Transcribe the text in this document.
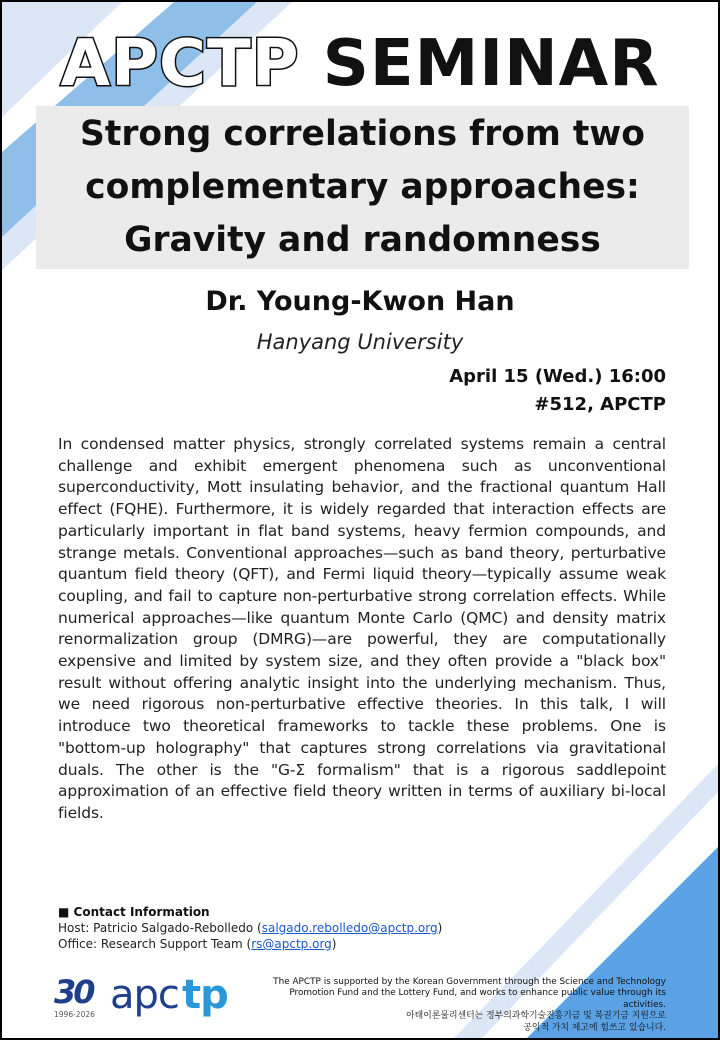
APCTP SEMINAR
Strong correlations from two
complementary approaches:
Gravity and randomness
Dr. Young-Kwon Han
Hanyang University
April 15 (Wed.) 16:00
#512, APCTP
In condensed matter physics, strongly correlated systems remain a central challenge and exhibit emergent phenomena such as unconventional superconductivity, Mott insulating behavior, and the fractional quantum Hall effect (FQHE). Furthermore, it is widely regarded that interaction effects are particularly important in flat band systems, heavy fermion compounds, and strange metals. Conventional approaches—such as band theory, perturbative quantum field theory (QFT), and Fermi liquid theory—typically assume weak coupling, and fail to capture non-perturbative strong correlation effects. While numerical approaches—like quantum Monte Carlo (QMC) and density matrix renormalization group (DMRG)—are powerful, they are computationally expensive and limited by system size, and they often provide a "black box" result without offering analytic insight into the underlying mechanism. Thus, we need rigorous non-perturbative effective theories. In this talk, I will introduce two theoretical frameworks to tackle these problems. One is "bottom-up holography" that captures strong correlations via gravitational duals. The other is the "G-Σ formalism" that is a rigorous saddlepoint approximation of an effective field theory written in terms of auxiliary bi-local fields.
■ Contact Information
Host: Patricio Salgado-Rebolledo (salgado.rebolledo@apctp.org)
Office: Research Support Team (rs@apctp.org)
30
1996-2026 apc tp	The APCTP is supported by the Korean Government through the Science and Technology
Promotion Fund and the Lottery Fund, and works to enhance public value through its activities.
아태이론물리센터는 정부의과학기술진흥기금 및 복권기금 지원으로
공익적 가치 제고에 힘쓰고 있습니다.
